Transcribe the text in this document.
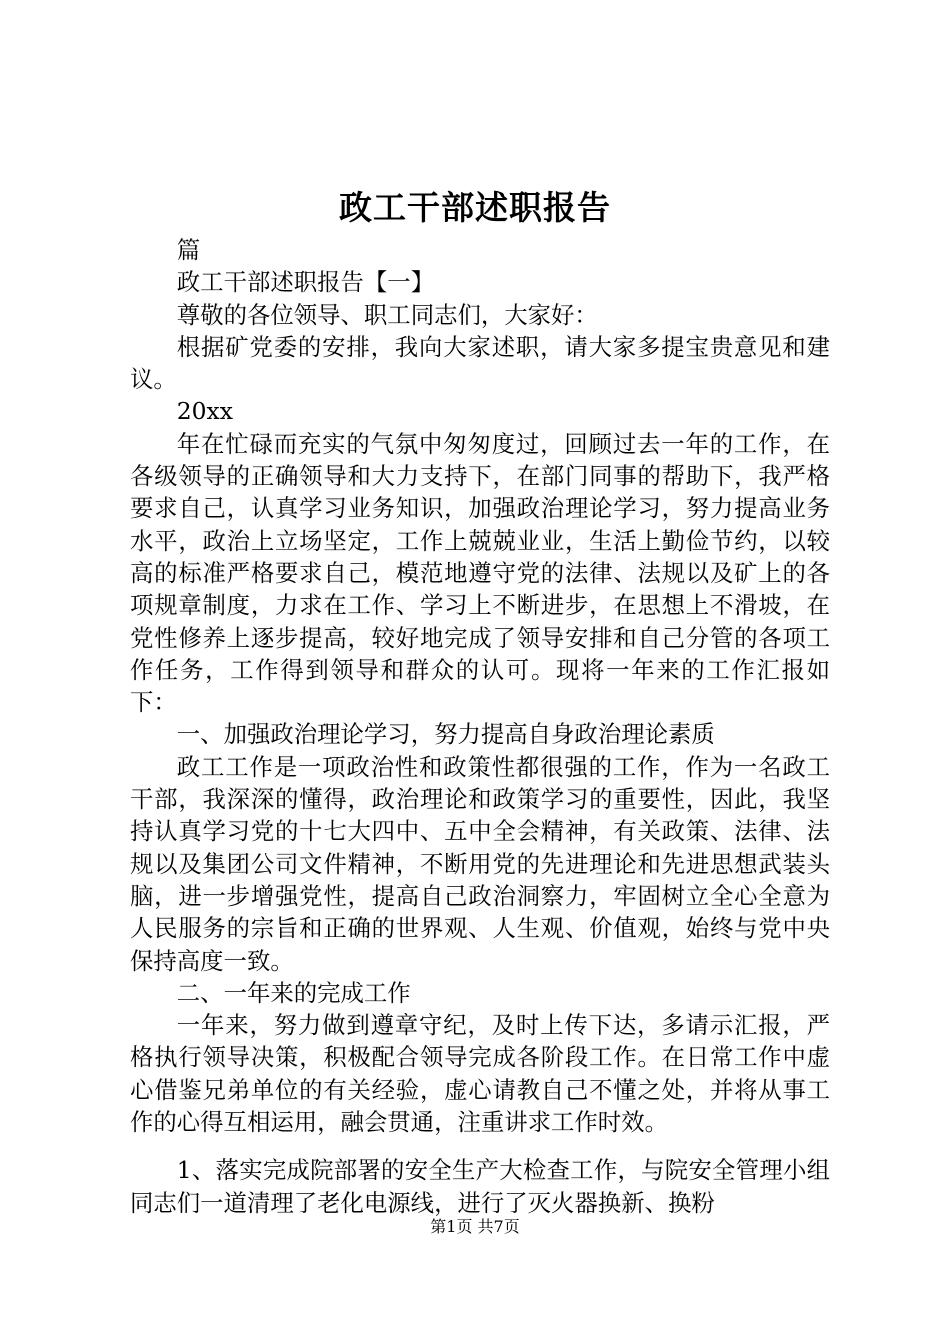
政工干部述职报告

篇

政工干部述职报告【一】

尊敬的各位领导、职工同志们，大家好：

根据矿党委的安排，我向大家述职，请大家多提宝贵意见和建议。

20xx

年在忙碌而充实的气氛中匆匆度过，回顾过去一年的工作，在各级领导的正确领导和大力支持下，在部门同事的帮助下，我严格要求自己，认真学习业务知识，加强政治理论学习，努力提高业务水平，政治上立场坚定，工作上兢兢业业，生活上勤俭节约，以较高的标准严格要求自己，模范地遵守党的法律、法规以及矿上的各项规章制度，力求在工作、学习上不断进步，在思想上不滑坡，在党性修养上逐步提高，较好地完成了领导安排和自己分管的各项工作任务，工作得到领导和群众的认可。现将一年来的工作汇报如下：

一、加强政治理论学习，努力提高自身政治理论素质

政工工作是一项政治性和政策性都很强的工作，作为一名政工干部，我深深的懂得，政治理论和政策学习的重要性，因此，我坚持认真学习党的十七大四中、五中全会精神，有关政策、法律、法规以及集团公司文件精神，不断用党的先进理论和先进思想武装头脑，进一步增强党性，提高自己政治洞察力，牢固树立全心全意为人民服务的宗旨和正确的世界观、人生观、价值观，始终与党中央保持高度一致。

二、一年来的完成工作

一年来，努力做到遵章守纪，及时上传下达，多请示汇报，严格执行领导决策，积极配合领导完成各阶段工作。在日常工作中虚心借鉴兄弟单位的有关经验，虚心请教自己不懂之处，并将从事工作的心得互相运用，融会贯通，注重讲求工作时效。

1、落实完成院部署的安全生产大检查工作，与院安全管理小组同志们一道清理了老化电源线，进行了灭火器换新、换粉

第1页 共7页
